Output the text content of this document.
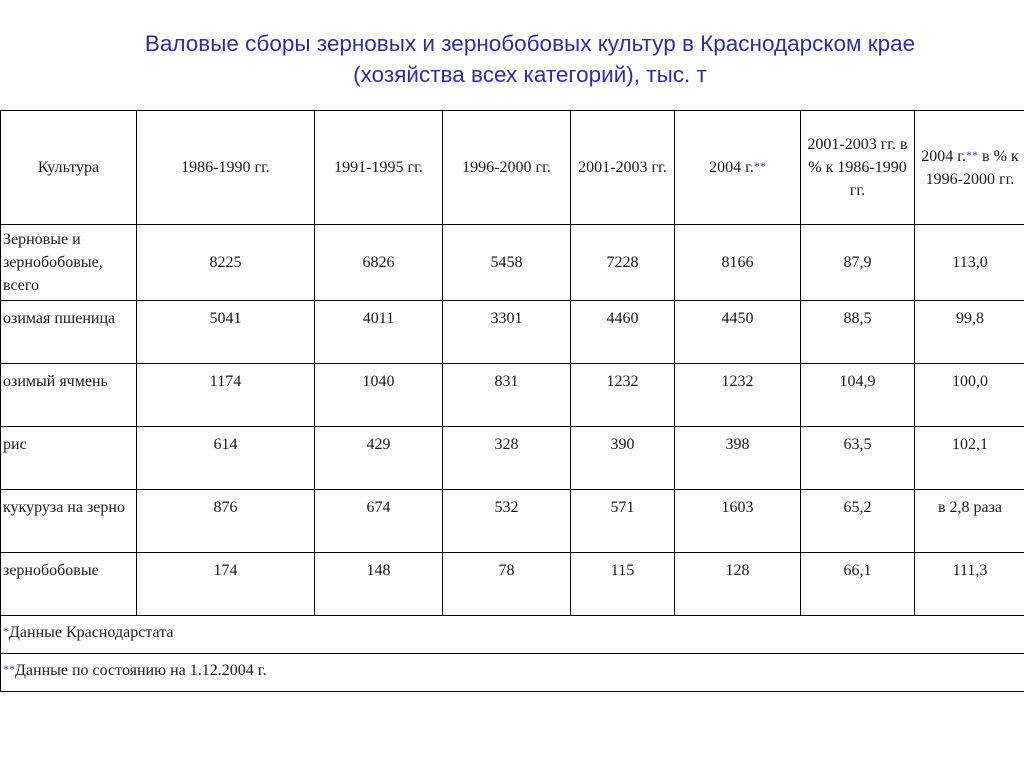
Валовые сборы зерновых и зернобобовых культур в Краснодарском крае
(хозяйства всех категорий), тыс. т
Культура	1986-1990 гг.	1991-1995 гг.	1996-2000 гг.	2001-2003 гг.	2004 г.**	2001-2003 гг. в % к 1986-1990 гг.	2004 г.** в % к 1996-2000 гг.
Зерновые и зернобобовые, всего	8225	6826	5458	7228	8166	87,9	113,0
озимая пшеница	5041	4011	3301	4460	4450	88,5	99,8
озимый ячмень	1174	1040	831	1232	1232	104,9	100,0
рис	614	429	328	390	398	63,5	102,1
кукуруза на зерно	876	674	532	571	1603	65,2	в 2,8 раза
зернобобовые	174	148	78	115	128	66,1	111,3
*Данные Краснодарстата							
**Данные по состоянию на 1.12.2004 г.							
